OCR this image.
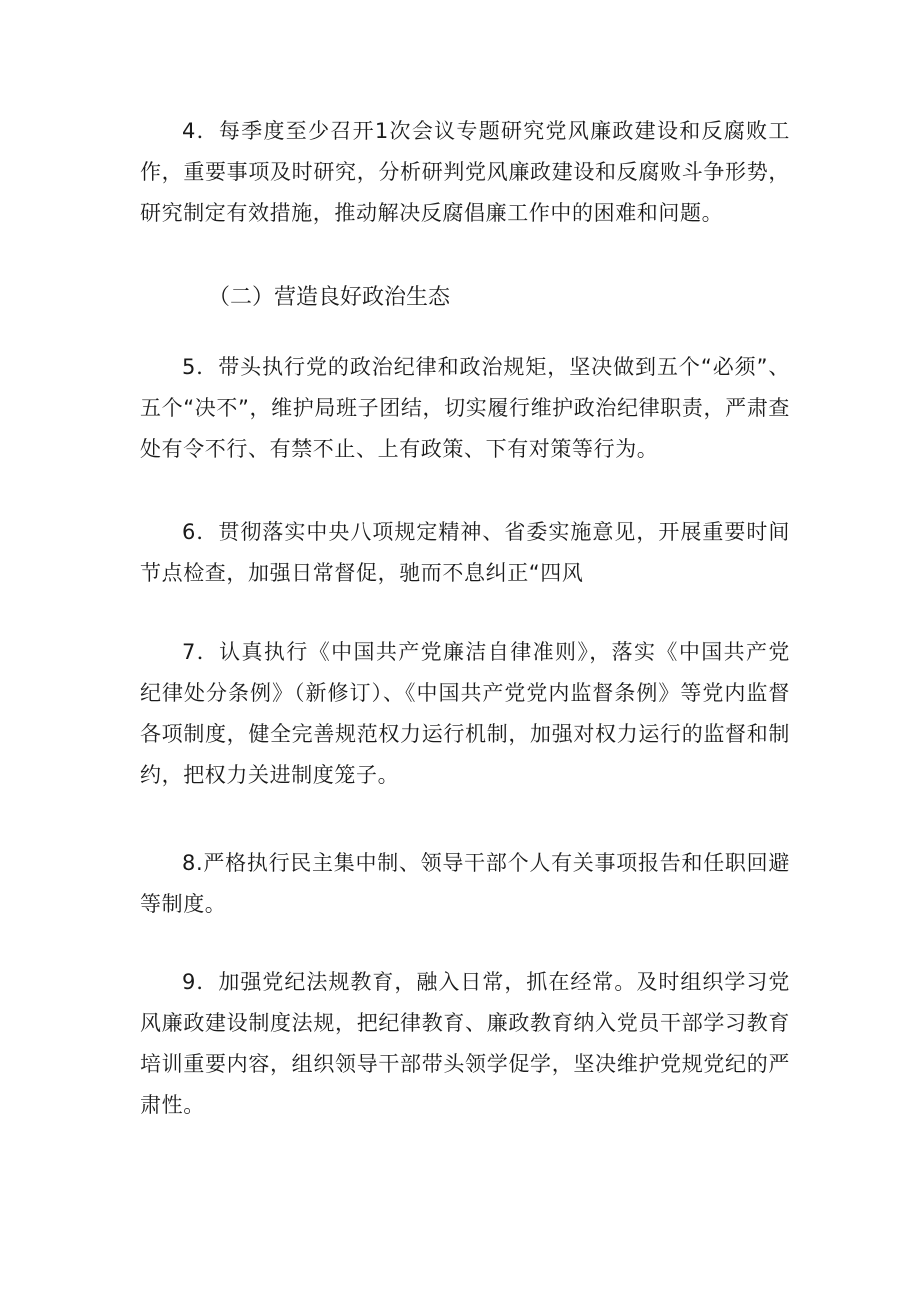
4．每季度至少召开1次会议专题研究党风廉政建设和反腐败工作，重要事项及时研究，分析研判党风廉政建设和反腐败斗争形势，研究制定有效措施，推动解决反腐倡廉工作中的困难和问题。

（二）营造良好政治生态

5．带头执行党的政治纪律和政治规矩，坚决做到五个“必须”、五个“决不”，维护局班子团结，切实履行维护政治纪律职责，严肃查处有令不行、有禁不止、上有政策、下有对策等行为。

6．贯彻落实中央八项规定精神、省委实施意见，开展重要时间节点检查，加强日常督促，驰而不息纠正“四风

7．认真执行《中国共产党廉洁自律准则》，落实《中国共产党纪律处分条例》（新修订）、《中国共产党党内监督条例》等党内监督各项制度，健全完善规范权力运行机制，加强对权力运行的监督和制约，把权力关进制度笼子。

8.严格执行民主集中制、领导干部个人有关事项报告和任职回避等制度。

9．加强党纪法规教育，融入日常，抓在经常。及时组织学习党风廉政建设制度法规，把纪律教育、廉政教育纳入党员干部学习教育培训重要内容，组织领导干部带头领学促学，坚决维护党规党纪的严肃性。
